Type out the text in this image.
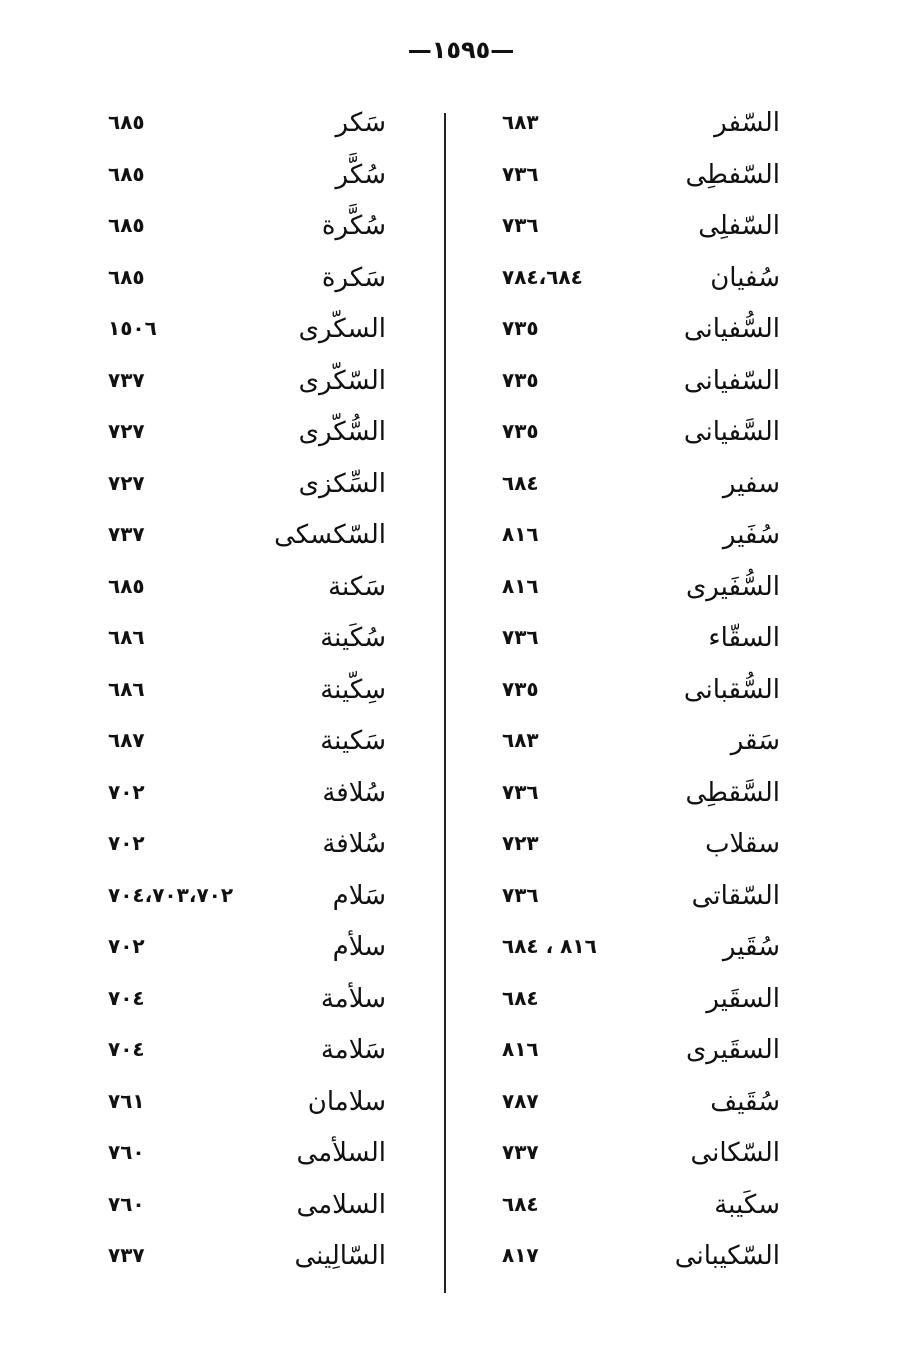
—١٥٩٥—
السّفر
٦٨٣
السّفطِى
٧٣٦
السّفلِى
٧٣٦
سُفيان
٧٨٤،٦٨٤
السُّفيانى
٧٣٥
السّفيانى
٧٣٥
السَّفيانى
٧٣٥
سفير
٦٨٤
سُفَير
٨١٦
السُّفَيرى
٨١٦
السقّاء
٧٣٦
السُّقبانى
٧٣٥
سَقر
٦٨٣
السَّقطِى
٧٣٦
سقلاب
٧٢٣
السّقاتى
٧٣٦
سُقَير
٨١٦ ، ٦٨٤
السقَير
٦٨٤
السقَيرى
٨١٦
سُقَيف
٧٨٧
السّكانى
٧٣٧
سكَيبة
٦٨٤
السّكيبانى
٨١٧
سَكر
٦٨٥
سُكَّر
٦٨٥
سُكَّرة
٦٨٥
سَكرة
٦٨٥
السكّرى
١٥٠٦
السّكّرى
٧٣٧
السُّكّرى
٧٢٧
السِّكزى
٧٢٧
السّكسكى
٧٣٧
سَكنة
٦٨٥
سُكَينة
٦٨٦
سِكّينة
٦٨٦
سَكينة
٦٨٧
سُلافة
٧٠٢
سُلافة
٧٠٢
سَلام
٧٠٤،٧٠٣،٧٠٢
سلأم
٧٠٢
سلأمة
٧٠٤
سَلامة
٧٠٤
سلامان
٧٦١
السلأمى
٧٦٠
السلامى
٧٦٠
السّالِينى
٧٣٧
